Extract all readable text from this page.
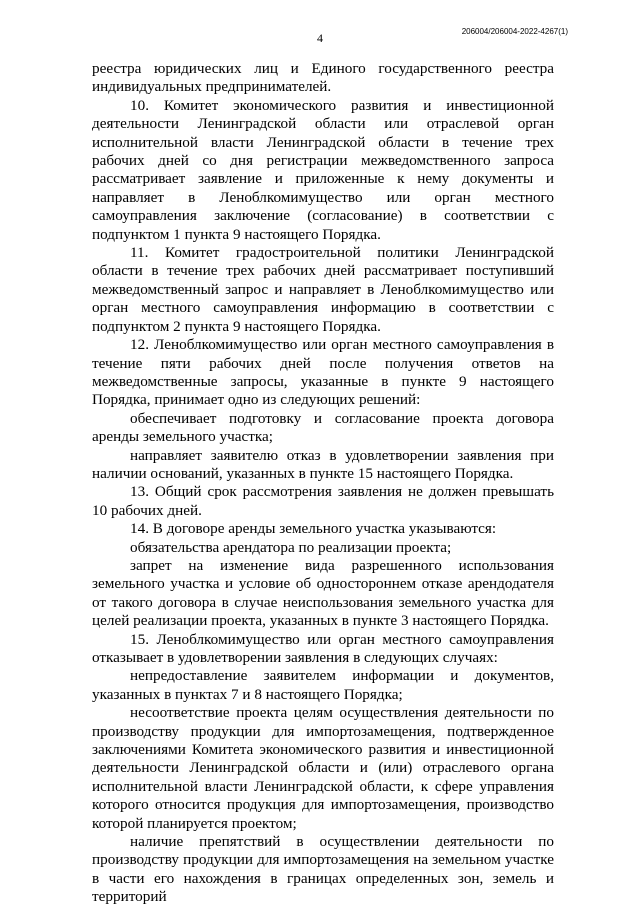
4	206004/206004-2022-4267(1)

реестра юридических лиц и Единого государственного реестра индивидуальных предпринимателей.

10. Комитет экономического развития и инвестиционной деятельности Ленинградской области или отраслевой орган исполнительной власти Ленинградской области в течение трех рабочих дней со дня регистрации межведомственного запроса рассматривает заявление и приложенные к нему документы и направляет в Леноблкомимущество или орган местного самоуправления заключение (согласование) в соответствии с подпунктом 1 пункта 9 настоящего Порядка.

11. Комитет градостроительной политики Ленинградской области в течение трех рабочих дней рассматривает поступивший межведомственный запрос и направляет в Леноблкомимущество или орган местного самоуправления информацию в соответствии с подпунктом 2 пункта 9 настоящего Порядка.

12. Леноблкомимущество или орган местного самоуправления в течение пяти рабочих дней после получения ответов на межведомственные запросы, указанные в пункте 9 настоящего Порядка, принимает одно из следующих решений:

обеспечивает подготовку и согласование проекта договора аренды земельного участка;

направляет заявителю отказ в удовлетворении заявления при наличии оснований, указанных в пункте 15 настоящего Порядка.

13. Общий срок рассмотрения заявления не должен превышать 10 рабочих дней.

14. В договоре аренды земельного участка указываются:

обязательства арендатора по реализации проекта;

запрет на изменение вида разрешенного использования земельного участка и условие об одностороннем отказе арендодателя от такого договора в случае неиспользования земельного участка для целей реализации проекта, указанных в пункте 3 настоящего Порядка.

15. Леноблкомимущество или орган местного самоуправления отказывает в удовлетворении заявления в следующих случаях:

непредоставление заявителем информации и документов, указанных в пунктах 7 и 8 настоящего Порядка;

несоответствие проекта целям осуществления деятельности по производству продукции для импортозамещения, подтвержденное заключениями Комитета экономического развития и инвестиционной деятельности Ленинградской области и (или) отраслевого органа исполнительной власти Ленинградской области, к сфере управления которого относится продукция для импортозамещения, производство которой планируется проектом;

наличие препятствий в осуществлении деятельности по производству продукции для импортозамещения на земельном участке в части его нахождения в границах определенных зон, земель и территорий
